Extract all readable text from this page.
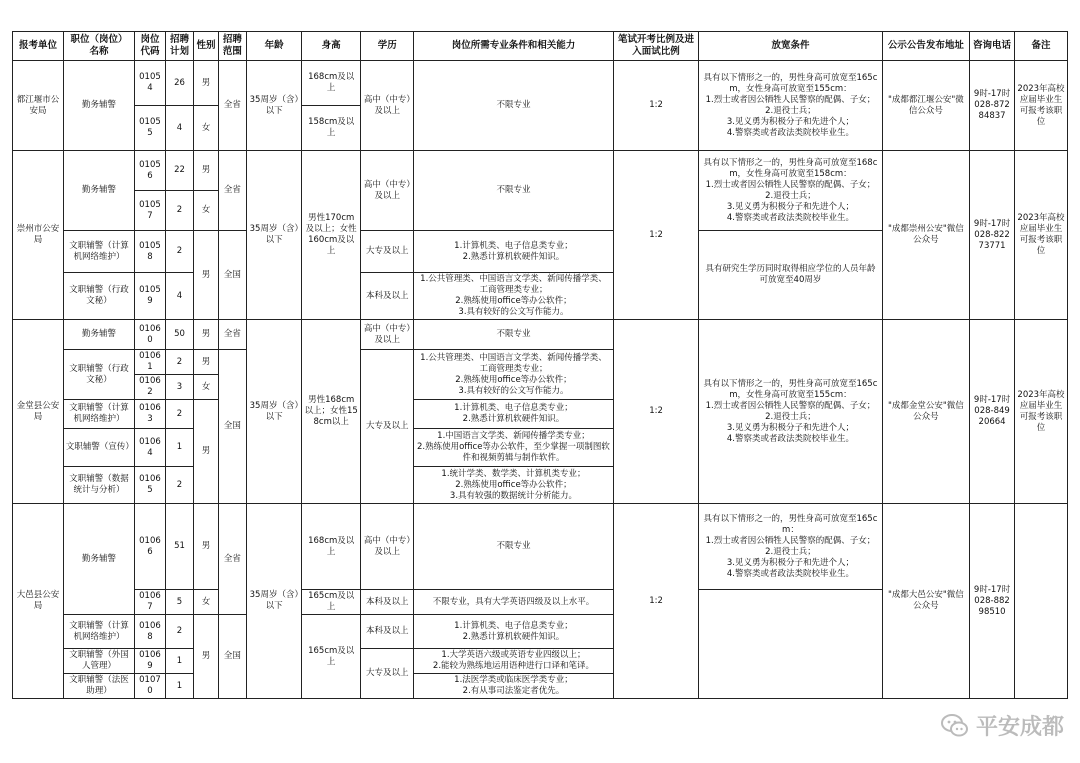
报考单位	职位（岗位）名称	岗位代码	招聘计划	性别	招聘范围	年龄	身高	学历	岗位所需专业条件和相关能力	笔试开考比例及进入面试比例	放宽条件	公示公告发布地址	咨询电话	备注
都江堰市公安局	勤务辅警	01054	26	男	全省	35周岁（含）以下	168cm及以上	高中（中专）及以上	不限专业	1:2	具有以下情形之一的，男性身高可放宽至165cm，女性身高可放宽至155cm：
1.烈士或者因公牺牲人民警察的配偶、子女；
2.退役士兵；
3.见义勇为积极分子和先进个人；
4.警察类或者政法类院校毕业生。	"成都都江堰公安"微信公众号	9时-17时 028-87284837	2023年高校应届毕业生可报考该职位
		01055	4	女			158cm及以上							
崇州市公安局	勤务辅警	01056	22	男	全省	35周岁（含）以下	男性170cm及以上；女性160cm及以上	高中（中专）及以上	不限专业	1:2	具有以下情形之一的，男性身高可放宽至168cm，女性身高可放宽至158cm：
1.烈士或者因公牺牲人民警察的配偶、子女；
2.退役士兵；
3.见义勇为积极分子和先进个人；
4.警察类或者政法类院校毕业生。	"成都崇州公安"微信公众号	9时-17时 028-82273771	2023年高校应届毕业生可报考该职位
		01057	2	女										
	文职辅警（计算机网络维护）	01058	2	男	全国			大专及以上	1.计算机类、电子信息类专业；
2.熟悉计算机软硬件知识。		具有研究生学历同时取得相应学位的人员年龄可放宽至40周岁			
	文职辅警（行政文秘）	01059	4					本科及以上	1.公共管理类、中国语言文学类、新闻传播学类、工商管理类专业；
2.熟练使用office等办公软件；
3.具有较好的公文写作能力。					
金堂县公安局	勤务辅警	01060	50	男	全省	35周岁（含）以下	男性168cm以上；女性158cm以上	高中（中专）及以上	不限专业	1:2	具有以下情形之一的，男性身高可放宽至165cm，女性身高可放宽至155cm：
1.烈士或者因公牺牲人民警察的配偶、子女；
2.退役士兵；
3.见义勇为积极分子和先进个人；
4.警察类或者政法类院校毕业生。	"成都金堂公安"微信公众号	9时-17时 028-84920664	2023年高校应届毕业生可报考该职位
	文职辅警（行政文秘）	01061	2	男	全国			大专及以上	1.公共管理类、中国语言文学类、新闻传播学类、工商管理类专业；
2.熟练使用office等办公软件；
3.具有较好的公文写作能力。					
		01062	3	女										
	文职辅警（计算机网络维护）	01063	2	男					1.计算机类、电子信息类专业；
2.熟悉计算机软硬件知识。					
	文职辅警（宣传）	01064	1						1.中国语言文学类、新闻传播学类专业；
2.熟练使用office等办公软件，至少掌握一项制图软件和视频剪辑与制作软件。					
	文职辅警（数据统计与分析）	01065	2						1.统计学类、数学类、计算机类专业；
2.熟练使用office等办公软件；
3.具有较强的数据统计分析能力。					

大邑县公安局	勤务辅警	01066	51	男	全省	35周岁（含）以下	168cm及以上	高中（中专）及以上	不限专业	1:2	具有以下情形之一的，男性身高可放宽至165cm：
1.烈士或者因公牺牲人民警察的配偶、子女；
2.退役士兵；
3.见义勇为积极分子和先进个人；
4.警察类或者政法类院校毕业生。	"成都大邑公安"微信公众号	9时-17时 028-88298510	
		01067	5	女			165cm及以上	本科及以上	不限专业，具有大学英语四级及以上水平。					
	文职辅警（计算机网络维护）	01068	2	男	全国		165cm及以上	本科及以上	1.计算机类、电子信息类专业；
2.熟悉计算机软硬件知识。					
	文职辅警（外国人管理）	01069	1					大专及以上	1.大学英语六级或英语专业四级以上；
2.能较为熟练地运用语种进行口译和笔译。					
	文职辅警（法医助理）	01070	1						1.法医学类或临床医学类专业；
2.有从事司法鉴定者优先。					
平安成都
